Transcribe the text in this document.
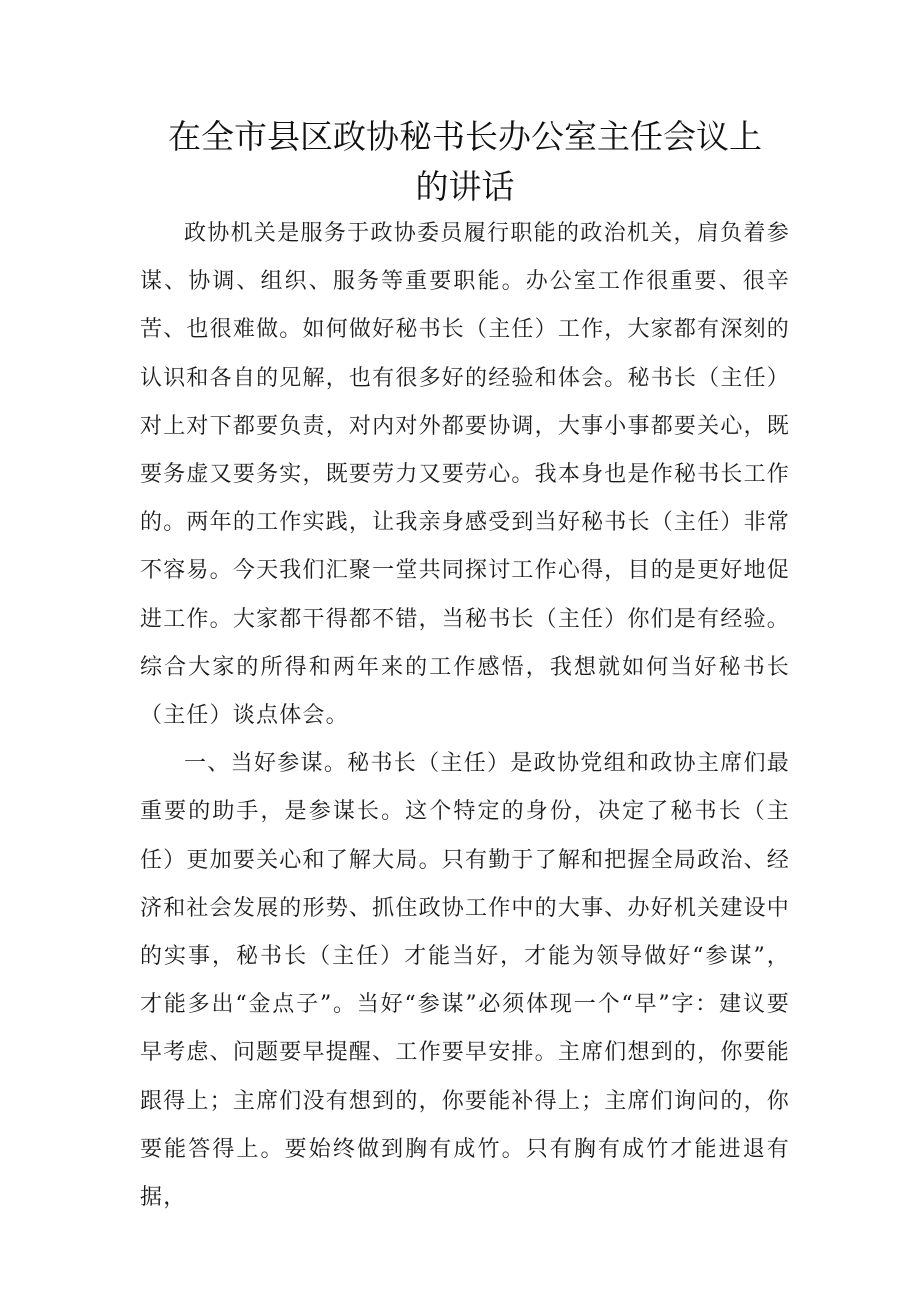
在全市县区政协秘书长办公室主任会议上
的讲话

政协机关是服务于政协委员履行职能的政治机关，肩负着参谋、协调、组织、服务等重要职能。办公室工作很重要、很辛苦、也很难做。如何做好秘书长（主任）工作，大家都有深刻的认识和各自的见解，也有很多好的经验和体会。秘书长（主任）对上对下都要负责，对内对外都要协调，大事小事都要关心，既要务虚又要务实，既要劳力又要劳心。我本身也是作秘书长工作的。两年的工作实践，让我亲身感受到当好秘书长（主任）非常不容易。今天我们汇聚一堂共同探讨工作心得，目的是更好地促进工作。大家都干得都不错，当秘书长（主任）你们是有经验。综合大家的所得和两年来的工作感悟，我想就如何当好秘书长（主任）谈点体会。

一、当好参谋。秘书长（主任）是政协党组和政协主席们最重要的助手，是参谋长。这个特定的身份，决定了秘书长（主任）更加要关心和了解大局。只有勤于了解和把握全局政治、经济和社会发展的形势、抓住政协工作中的大事、办好机关建设中的实事，秘书长（主任）才能当好，才能为领导做好“参谋”，才能多出“金点子”。当好“参谋”必须体现一个“早”字：建议要早考虑、问题要早提醒、工作要早安排。主席们想到的，你要能跟得上；主席们没有想到的，你要能补得上；主席们询问的，你要能答得上。要始终做到胸有成竹。只有胸有成竹才能进退有据，
